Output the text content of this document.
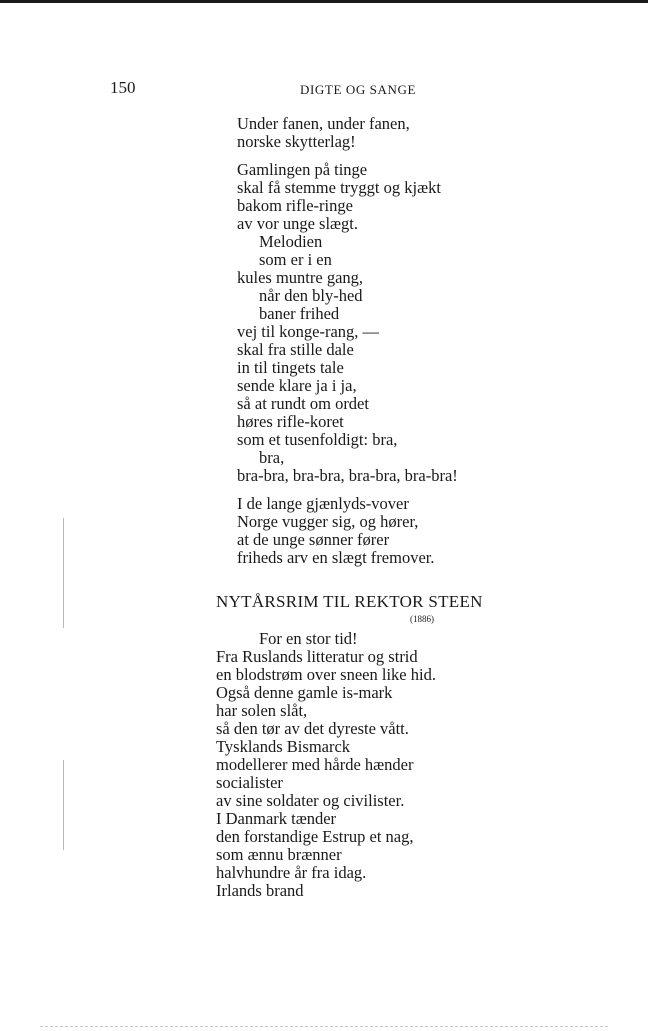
150	DIGTE OG SANGE
Under fanen, under fanen,
norske skytterlag!
Gamlingen på tinge
skal få stemme tryggt og kjækt
bakom rifle-ringe
av vor unge slægt.
Melodien
som er i en
kules muntre gang,
når den bly-hed
baner frihed
vej til konge-rang, —
skal fra stille dale
in til tingets tale
sende klare ja i ja,
så at rundt om ordet
høres rifle-koret
som et tusenfoldigt: bra,
bra,
bra-bra, bra-bra, bra-bra, bra-bra!
I de lange gjænlyds-vover
Norge vugger sig, og hører,
at de unge sønner fører
friheds arv en slægt fremover.
NYTÅRSRIM TIL REKTOR STEEN
(1886)
For en stor tid!
Fra Ruslands litteratur og strid
en blodstrøm over sneen like hid.
Også denne gamle is-mark
har solen slåt,
så den tør av det dyreste vått.
Tysklands Bismarck
modellerer med hårde hænder
socialister
av sine soldater og civilister.
I Danmark tænder
den forstandige Estrup et nag,
som ænnu brænner
halvhundre år fra idag.
Irlands brand
